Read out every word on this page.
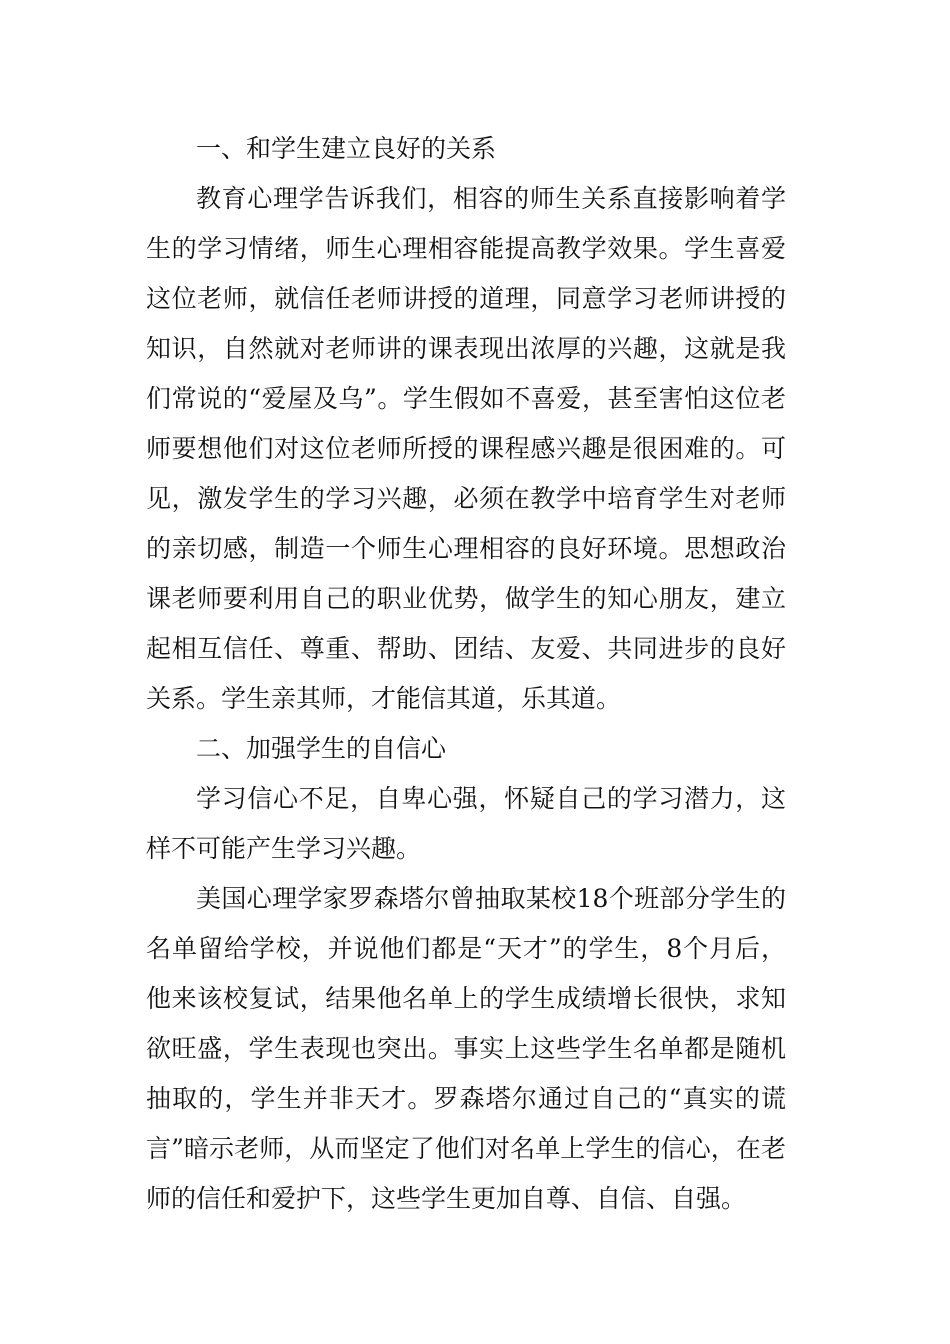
一、和学生建立良好的关系

教育心理学告诉我们，相容的师生关系直接影响着学生的学习情绪，师生心理相容能提高教学效果。学生喜爱这位老师，就信任老师讲授的道理，同意学习老师讲授的知识，自然就对老师讲的课表现出浓厚的兴趣，这就是我们常说的“爱屋及乌”。学生假如不喜爱，甚至害怕这位老师要想他们对这位老师所授的课程感兴趣是很困难的。可见，激发学生的学习兴趣，必须在教学中培育学生对老师的亲切感，制造一个师生心理相容的良好环境。思想政治课老师要利用自己的职业优势，做学生的知心朋友，建立起相互信任、尊重、帮助、团结、友爱、共同进步的良好关系。学生亲其师，才能信其道，乐其道。

二、加强学生的自信心

学习信心不足，自卑心强，怀疑自己的学习潜力，这样不可能产生学习兴趣。

美国心理学家罗森塔尔曾抽取某校18个班部分学生的名单留给学校，并说他们都是“天才”的学生，8个月后，他来该校复试，结果他名单上的学生成绩增长很快，求知欲旺盛，学生表现也突出。事实上这些学生名单都是随机抽取的，学生并非天才。罗森塔尔通过自己的“真实的谎言”暗示老师，从而坚定了他们对名单上学生的信心，在老师的信任和爱护下，这些学生更加自尊、自信、自强。
